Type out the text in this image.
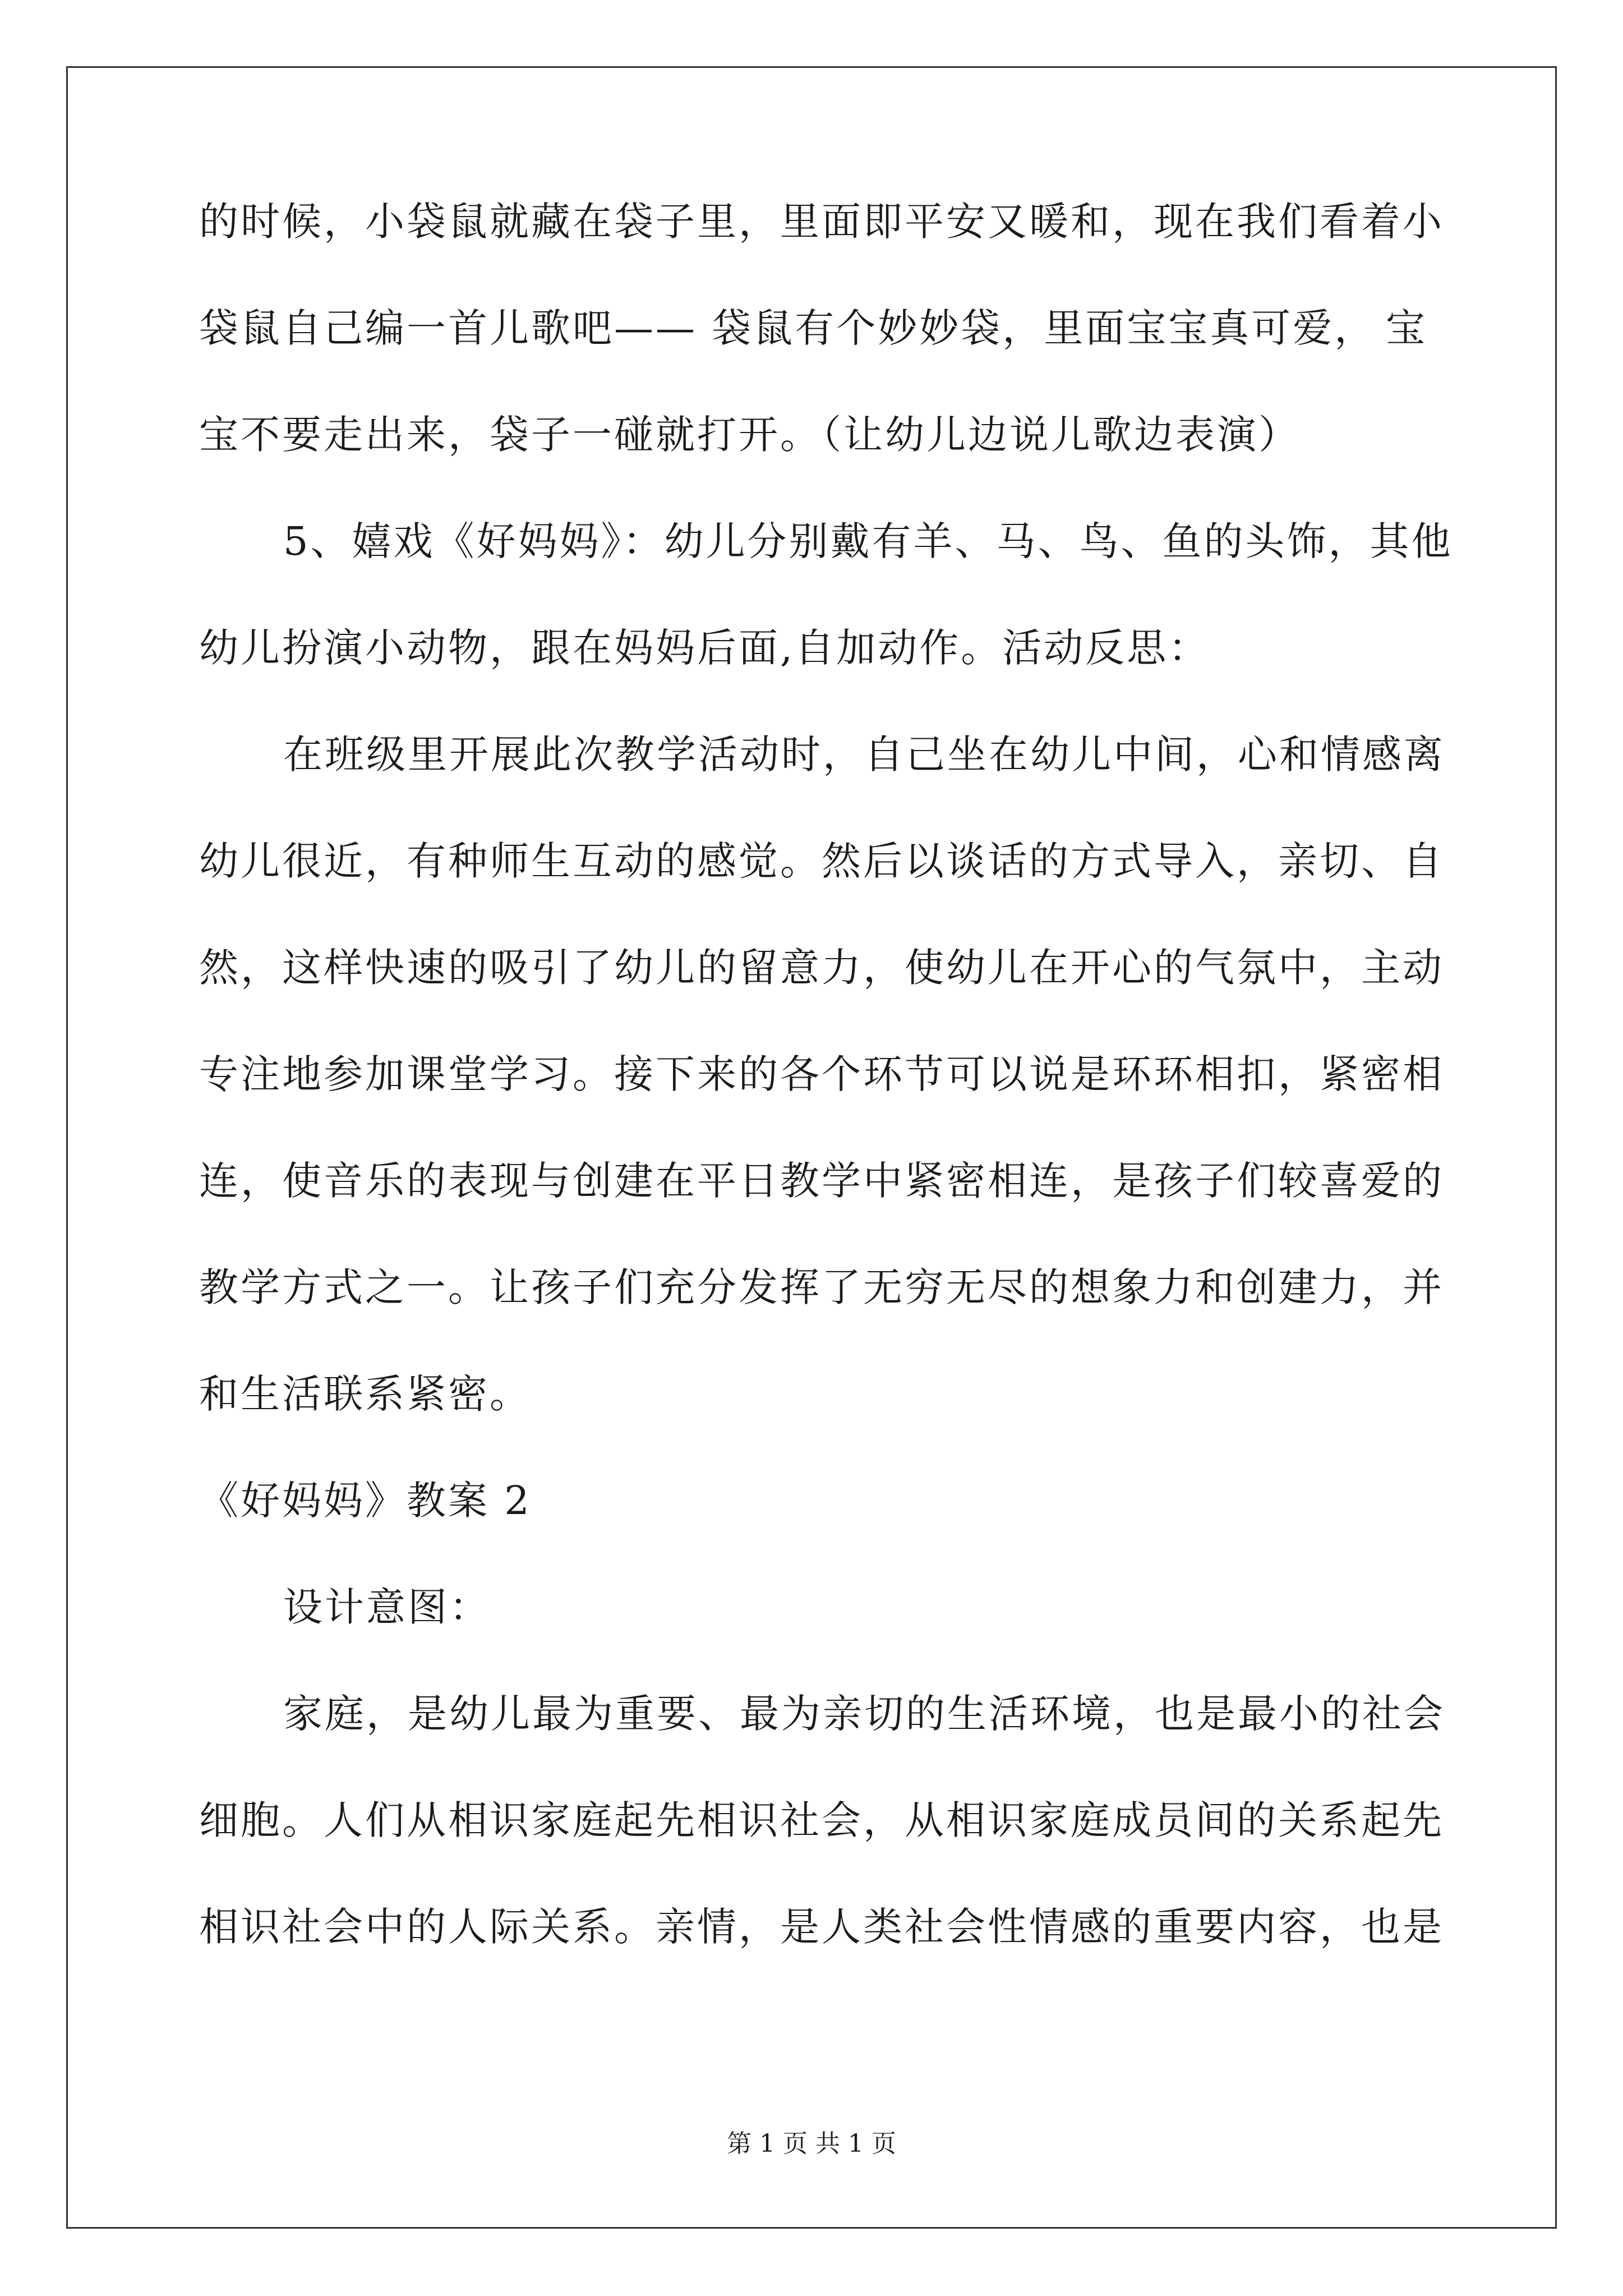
的时候，小袋鼠就藏在袋子里，里面即平安又暖和，现在我们看着小
袋鼠自己编一首儿歌吧—— 袋鼠有个妙妙袋，里面宝宝真可爱， 宝
宝不要走出来，袋子一碰就打开。（让幼儿边说儿歌边表演）
5、嬉戏《好妈妈》：幼儿分别戴有羊、马、鸟、鱼的头饰，其他
幼儿扮演小动物，跟在妈妈后面,自加动作。活动反思：
在班级里开展此次教学活动时，自己坐在幼儿中间，心和情感离
幼儿很近，有种师生互动的感觉。然后以谈话的方式导入，亲切、自
然，这样快速的吸引了幼儿的留意力，使幼儿在开心的气氛中，主动
专注地参加课堂学习。接下来的各个环节可以说是环环相扣，紧密相
连，使音乐的表现与创建在平日教学中紧密相连，是孩子们较喜爱的
教学方式之一。让孩子们充分发挥了无穷无尽的想象力和创建力，并
和生活联系紧密。
《好妈妈》教案 2
设计意图：
家庭，是幼儿最为重要、最为亲切的生活环境，也是最小的社会
细胞。人们从相识家庭起先相识社会，从相识家庭成员间的关系起先
相识社会中的人际关系。亲情，是人类社会性情感的重要内容，也是
第 1 页 共 1 页
